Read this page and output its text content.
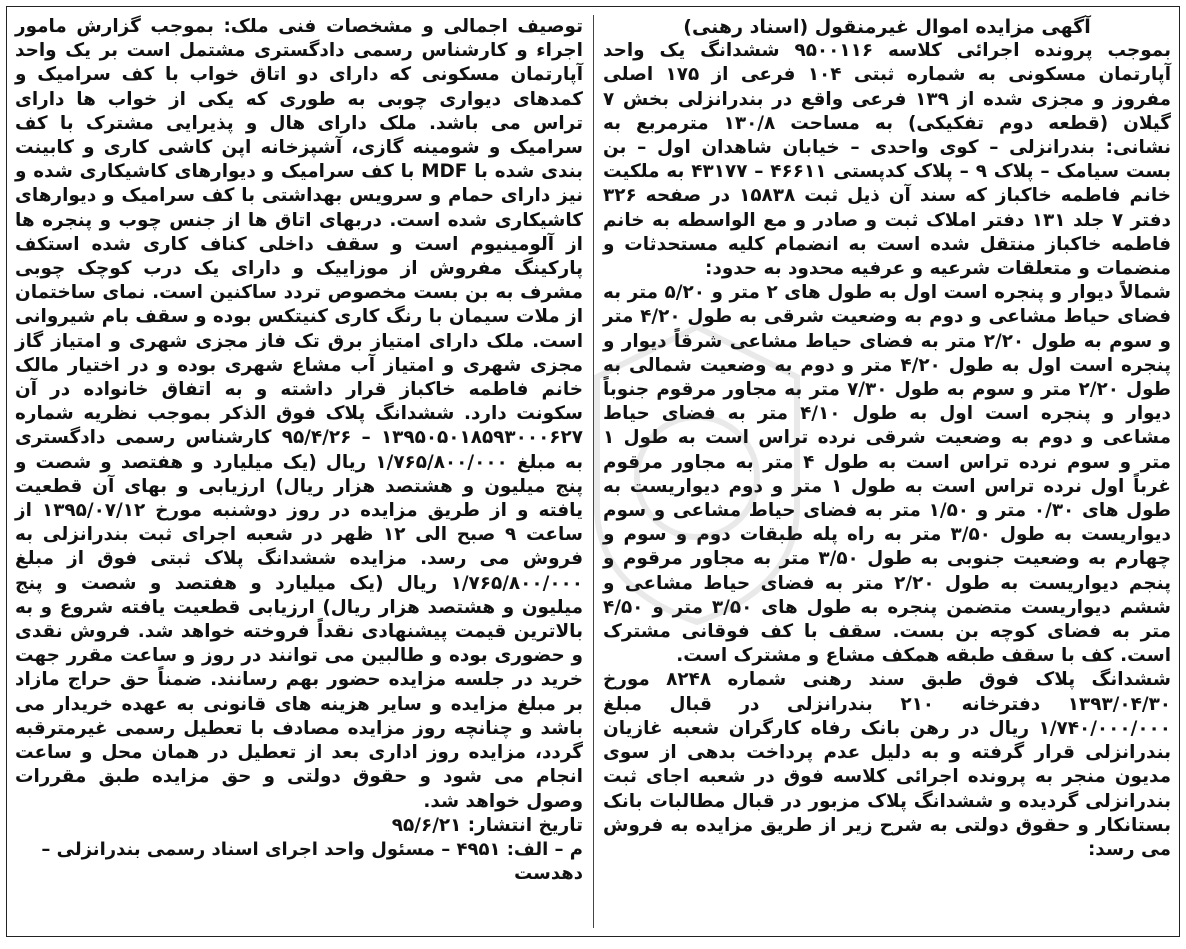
آگهی مزایده اموال غیرمنقول (اسناد رهنی)

بموجب پرونده اجرائی کلاسه ۹۵۰۰۱۱۶ ششدانگ یک واحد آپارتمان مسکونی به شماره ثبتی ۱۰۴ فرعی از ۱۷۵ اصلی مفروز و مجزی شده از ۱۳۹ فرعی واقع در بندرانزلی بخش ۷ گیلان (قطعه دوم تفکیکی) به مساحت ۱۳۰/۸ مترمربع به نشانی: بندرانزلی – کوی واحدی – خیابان شاهدان اول – بن بست سیامک – پلاک ۹ – پلاک کدپستی ۴۶۶۱۱ – ۴۳۱۷۷ به ملکیت خانم فاطمه خاکباز که سند آن ذیل ثبت ۱۵۸۳۸ در صفحه ۳۲۶ دفتر ۷ جلد ۱۳۱ دفتر املاک ثبت و صادر و مع الواسطه به خانم فاطمه خاکباز منتقل شده است به انضمام کلیه مستحدثات و منضمات و متعلقات شرعیه و عرفیه محدود به حدود:

شمالاً دیوار و پنجره است اول به طول های ۲ متر و ۵/۲۰ متر به فضای حیاط مشاعی و دوم به وضعیت شرقی به طول ۴/۲۰ متر و سوم به طول ۲/۲۰ متر به فضای حیاط مشاعی شرقاً دیوار و پنجره است اول به طول ۴/۲۰ متر و دوم به وضعیت شمالی به طول ۲/۲۰ متر و سوم به طول ۷/۳۰ متر به مجاور مرقوم جنوباً دیوار و پنجره است اول به طول ۴/۱۰ متر به فضای حیاط مشاعی و دوم به وضعیت شرقی نرده تراس است به طول ۱ متر و سوم نرده تراس است به طول ۴ متر به مجاور مرقوم غرباً اول نرده تراس است به طول ۱ متر و دوم دیواریست به طول های ۰/۳۰ متر و ۱/۵۰ متر به فضای حیاط مشاعی و سوم دیواریست به طول ۳/۵۰ متر به راه پله طبقات دوم و سوم و چهارم به وضعیت جنوبی به طول ۳/۵۰ متر به مجاور مرقوم و پنجم دیواریست به طول ۲/۲۰ متر به فضای حیاط مشاعی و ششم دیواریست متضمن پنجره به طول های ۳/۵۰ متر و ۴/۵۰ متر به فضای کوچه بن بست. سقف با کف فوقانی مشترک است. کف با سقف طبقه همکف مشاع و مشترک است.

ششدانگ پلاک فوق طبق سند رهنی شماره ۸۲۴۸ مورخ ۱۳۹۳/۰۴/۳۰ دفترخانه ۲۱۰ بندرانزلی در قبال مبلغ ۱/۷۴۰/۰۰۰/۰۰۰ ریال در رهن بانک رفاه کارگران شعبه غازیان بندرانزلی قرار گرفته و به دلیل عدم پرداخت بدهی از سوی مدیون منجر به پرونده اجرائی کلاسه فوق در شعبه اجای ثبت بندرانزلی گردیده و ششدانگ پلاک مزبور در قبال مطالبات بانک بستانکار و حقوق دولتی به شرح زیر از طریق مزایده به فروش می رسد:

توصیف اجمالی و مشخصات فنی ملک: بموجب گزارش مامور اجراء و کارشناس رسمی دادگستری مشتمل است بر یک واحد آپارتمان مسکونی که دارای دو اتاق خواب با کف سرامیک و کمدهای دیواری چوبی به طوری که یکی از خواب ها دارای تراس می باشد. ملک دارای هال و پذیرایی مشترک با کف سرامیک و شومینه گازی، آشپزخانه اپن کاشی کاری و کابینت بندی شده با MDF با کف سرامیک و دیوارهای کاشیکاری شده و نیز دارای حمام و سرویس بهداشتی با کف سرامیک و دیوارهای کاشیکاری شده است. دربهای اتاق ها از جنس چوب و پنجره ها از آلومینیوم است و سقف داخلی کناف کاری شده استکف پارکینگ مفروش از موزاییک و دارای یک درب کوچک چوبی مشرف به بن بست مخصوص تردد ساکنین است. نمای ساختمان از ملات سیمان با رنگ کاری کنیتکس بوده و سقف بام شیروانی است. ملک دارای امتیاز برق تک فاز مجزی شهری و امتیاز گاز مجزی شهری و امتیاز آب مشاع شهری بوده و در اختیار مالک خانم فاطمه خاکباز قرار داشته و به اتفاق خانواده در آن سکونت دارد. ششدانگ پلاک فوق الذکر بموجب نظریه شماره ۱۳۹۵۰۵۰۱۸۵۹۳۰۰۰۶۲۷ – ۹۵/۴/۲۶ کارشناس رسمی دادگستری به مبلغ ۱/۷۶۵/۸۰۰/۰۰۰ ریال (یک میلیارد و هفتصد و شصت و پنج میلیون و هشتصد هزار ریال) ارزیابی و بهای آن قطعیت یافته و از طریق مزایده در روز دوشنبه مورخ ۱۳۹۵/۰۷/۱۲ از ساعت ۹ صبح الی ۱۲ ظهر در شعبه اجرای ثبت بندرانزلی به فروش می رسد. مزایده ششدانگ پلاک ثبتی فوق از مبلغ ۱/۷۶۵/۸۰۰/۰۰۰ ریال (یک میلیارد و هفتصد و شصت و پنج میلیون و هشتصد هزار ریال) ارزیابی قطعیت یافته شروع و به بالاترین قیمت پیشنهادی نقداً فروخته خواهد شد. فروش نقدی و حضوری بوده و طالبین می توانند در روز و ساعت مقرر جهت خرید در جلسه مزایده حضور بهم رسانند. ضمناً حق حراج مازاد بر مبلغ مزایده و سایر هزینه های قانونی به عهده خریدار می باشد و چنانچه روز مزایده مصادف با تعطیل رسمی غیرمترقبه گردد، مزایده روز اداری بعد از تعطیل در همان محل و ساعت انجام می شود و حقوق دولتی و حق مزایده طبق مقررات وصول خواهد شد.

تاریخ انتشار: ۹۵/۶/۲۱

م – الف: ۴۹۵۱ – مسئول واحد اجرای اسناد رسمی بندرانزلی – دهدست
